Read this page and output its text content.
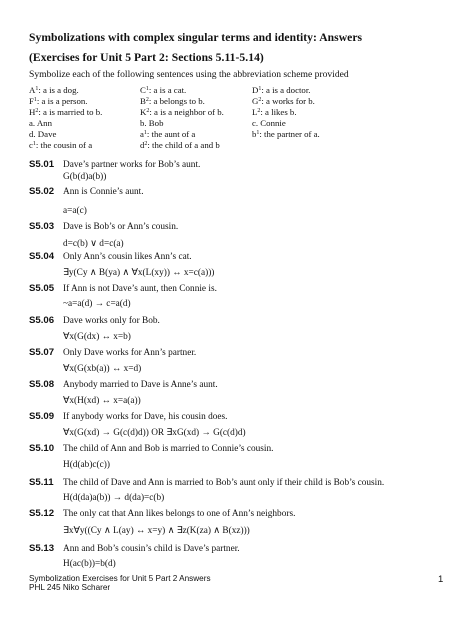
Symbolizations with complex singular terms and identity: Answers
(Exercises for Unit 5 Part 2: Sections 5.11-5.14)
Symbolize each of the following sentences using the abbreviation scheme provided
$A^1$: a is a dog.
$F^1$: a is a person.
$H^2$: a is married to b.
a. Ann
d. Dave
$c^1$: the cousin of a
$C^1$: a is a cat.
$B^2$: a belongs to b.
$K^2$: a is a neighbor of b.
b. Bob
$a^1$: the aunt of a
$d^2$: the child of a and b
$D^1$: a is a doctor.
$G^2$: a works for b.
$L^2$: a likes b.
c. Connie
$b^1$: the partner of a.
S5.01 Dave’s partner works for Bob’s aunt.
G(b(d)a(b))
S5.02 Ann is Connie’s aunt.
a=a(c)
S5.03 Dave is Bob’s or Ann’s cousin.
d=c(b) ∨ d=c(a)
S5.04 Only Ann’s cousin likes Ann’s cat.
∃y(Cy ∧ B(ya) ∧ ∀x(L(xy)) ↔ x=c(a)))
S5.05 If Ann is not Dave’s aunt, then Connie is.
~a=a(d) → c=a(d)
S5.06 Dave works only for Bob.
∀x(G(dx) ↔ x=b)
S5.07 Only Dave works for Ann’s partner.
∀x(G(xb(a)) ↔ x=d)
S5.08 Anybody married to Dave is Anne’s aunt.
∀x(H(xd) ↔ x=a(a))
S5.09 If anybody works for Dave, his cousin does.
∀x(G(xd) → G(c(d)d)) OR ∃xG(xd) → G(c(d)d)
S5.10 The child of Ann and Bob is married to Connie’s cousin.
H(d(ab)c(c))
S5.11 The child of Dave and Ann is married to Bob’s aunt only if their child is Bob’s cousin.
H(d(da)a(b)) → d(da)=c(b)
S5.12 The only cat that Ann likes belongs to one of Ann’s neighbors.
∃x∀y((Cy ∧ L(ay) ↔ x=y) ∧ ∃z(K(za) ∧ B(xz)))
S5.13 Ann and Bob’s cousin’s child is Dave’s partner.
H(ac(b))=b(d)
Symbolization Exercises for Unit 5 Part 2 Answers
PHL 245 Niko Scharer
1
